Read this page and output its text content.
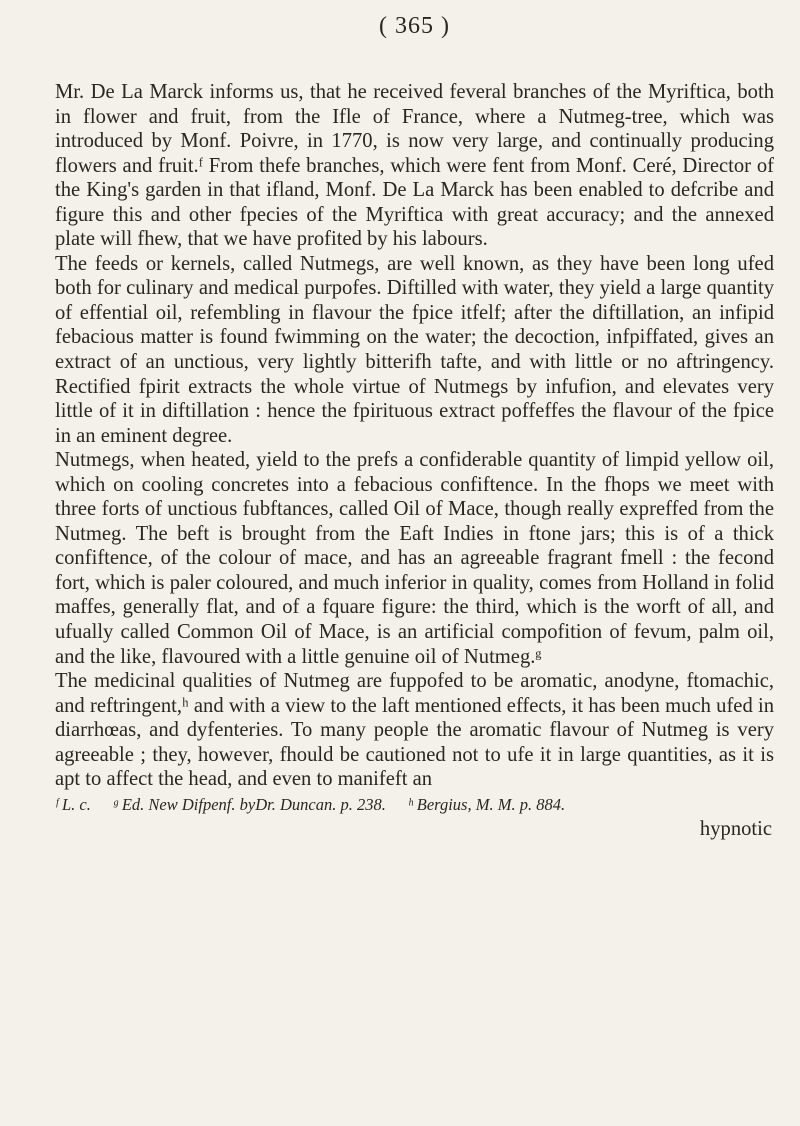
( 365 )

Mr. De La Marck informs us, that he received feveral branches of the Myriftica, both in flower and fruit, from the Ifle of France, where a Nutmeg-tree, which was introduced by Monf. Poivre, in 1770, is now very large, and continually producing flowers and fruit.ᶠ From thefe branches, which were fent from Monf. Ceré, Director of the King's garden in that ifland, Monf. De La Marck has been enabled to defcribe and figure this and other fpecies of the Myriftica with great accuracy; and the annexed plate will fhew, that we have profited by his labours.

The feeds or kernels, called Nutmegs, are well known, as they have been long ufed both for culinary and medical purpofes. Diftilled with water, they yield a large quantity of effential oil, refembling in flavour the fpice itfelf; after the diftillation, an infipid febacious matter is found fwimming on the water; the decoction, infpiffated, gives an extract of an unctious, very lightly bitterifh tafte, and with little or no aftringency. Rectified fpirit extracts the whole virtue of Nutmegs by infufion, and elevates very little of it in diftillation : hence the fpirituous extract poffeffes the flavour of the fpice in an eminent degree.

Nutmegs, when heated, yield to the prefs a confiderable quantity of limpid yellow oil, which on cooling concretes into a febacious confiftence. In the fhops we meet with three forts of unctious fubftances, called Oil of Mace, though really expreffed from the Nutmeg. The beft is brought from the Eaft Indies in ftone jars; this is of a thick confiftence, of the colour of mace, and has an agreeable fragrant fmell : the fecond fort, which is paler coloured, and much inferior in quality, comes from Holland in folid maffes, generally flat, and of a fquare figure: the third, which is the worft of all, and ufually called Common Oil of Mace, is an artificial compofition of fevum, palm oil, and the like, flavoured with a little genuine oil of Nutmeg.ᵍ

The medicinal qualities of Nutmeg are fuppofed to be aromatic, anodyne, ftomachic, and reftringent,ʰ and with a view to the laft mentioned effects, it has been much ufed in diarrhœas, and dyfenteries. To many people the aromatic flavour of Nutmeg is very agreeable ; they, however, fhould be cautioned not to ufe it in large quantities, as it is apt to affect the head, and even to manifeft an

ᶠ L. c. ᵍ Ed. New Difpenf. byDr. Duncan. p. 238. ʰ Bergius, M. M. p. 884.
hypnotic
